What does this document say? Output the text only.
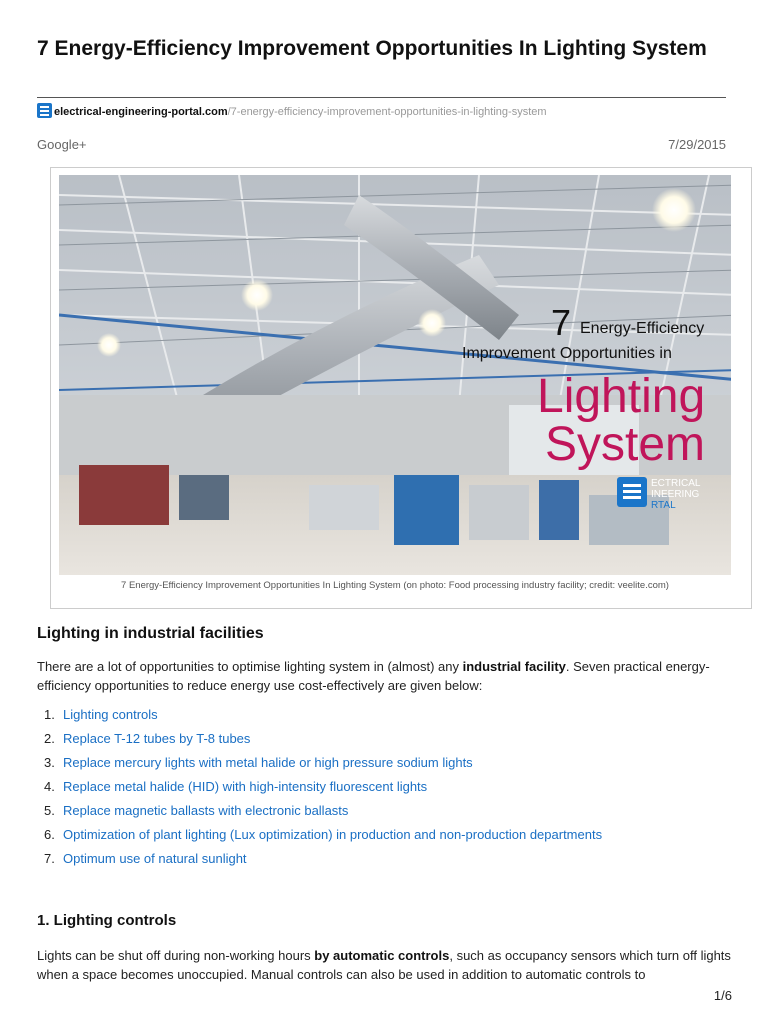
7 Energy-Efficiency Improvement Opportunities In Lighting System
electrical-engineering-portal.com/7-energy-efficiency-improvement-opportunities-in-lighting-system
Google+	7/29/2015
7 Energy-Efficiency
Improvement Opportunities in
Lighting
System
ECTRICAL
INEERING
RTAL
7 Energy-Efficiency Improvement Opportunities In Lighting System (on photo: Food processing industry facility; credit: veelite.com)
Lighting in industrial facilities
There are a lot of opportunities to optimise lighting system in (almost) any industrial facility. Seven practical energy-efficiency opportunities to reduce energy use cost-effectively are given below:
1. Lighting controls
2. Replace T-12 tubes by T-8 tubes
3. Replace mercury lights with metal halide or high pressure sodium lights
4. Replace metal halide (HID) with high-intensity fluorescent lights
5. Replace magnetic ballasts with electronic ballasts
6. Optimization of plant lighting (Lux optimization) in production and non-production departments
7. Optimum use of natural sunlight
1. Lighting controls
Lights can be shut off during non-working hours by automatic controls, such as occupancy sensors which turn off lights when a space becomes unoccupied. Manual controls can also be used in addition to automatic controls to
1/6
